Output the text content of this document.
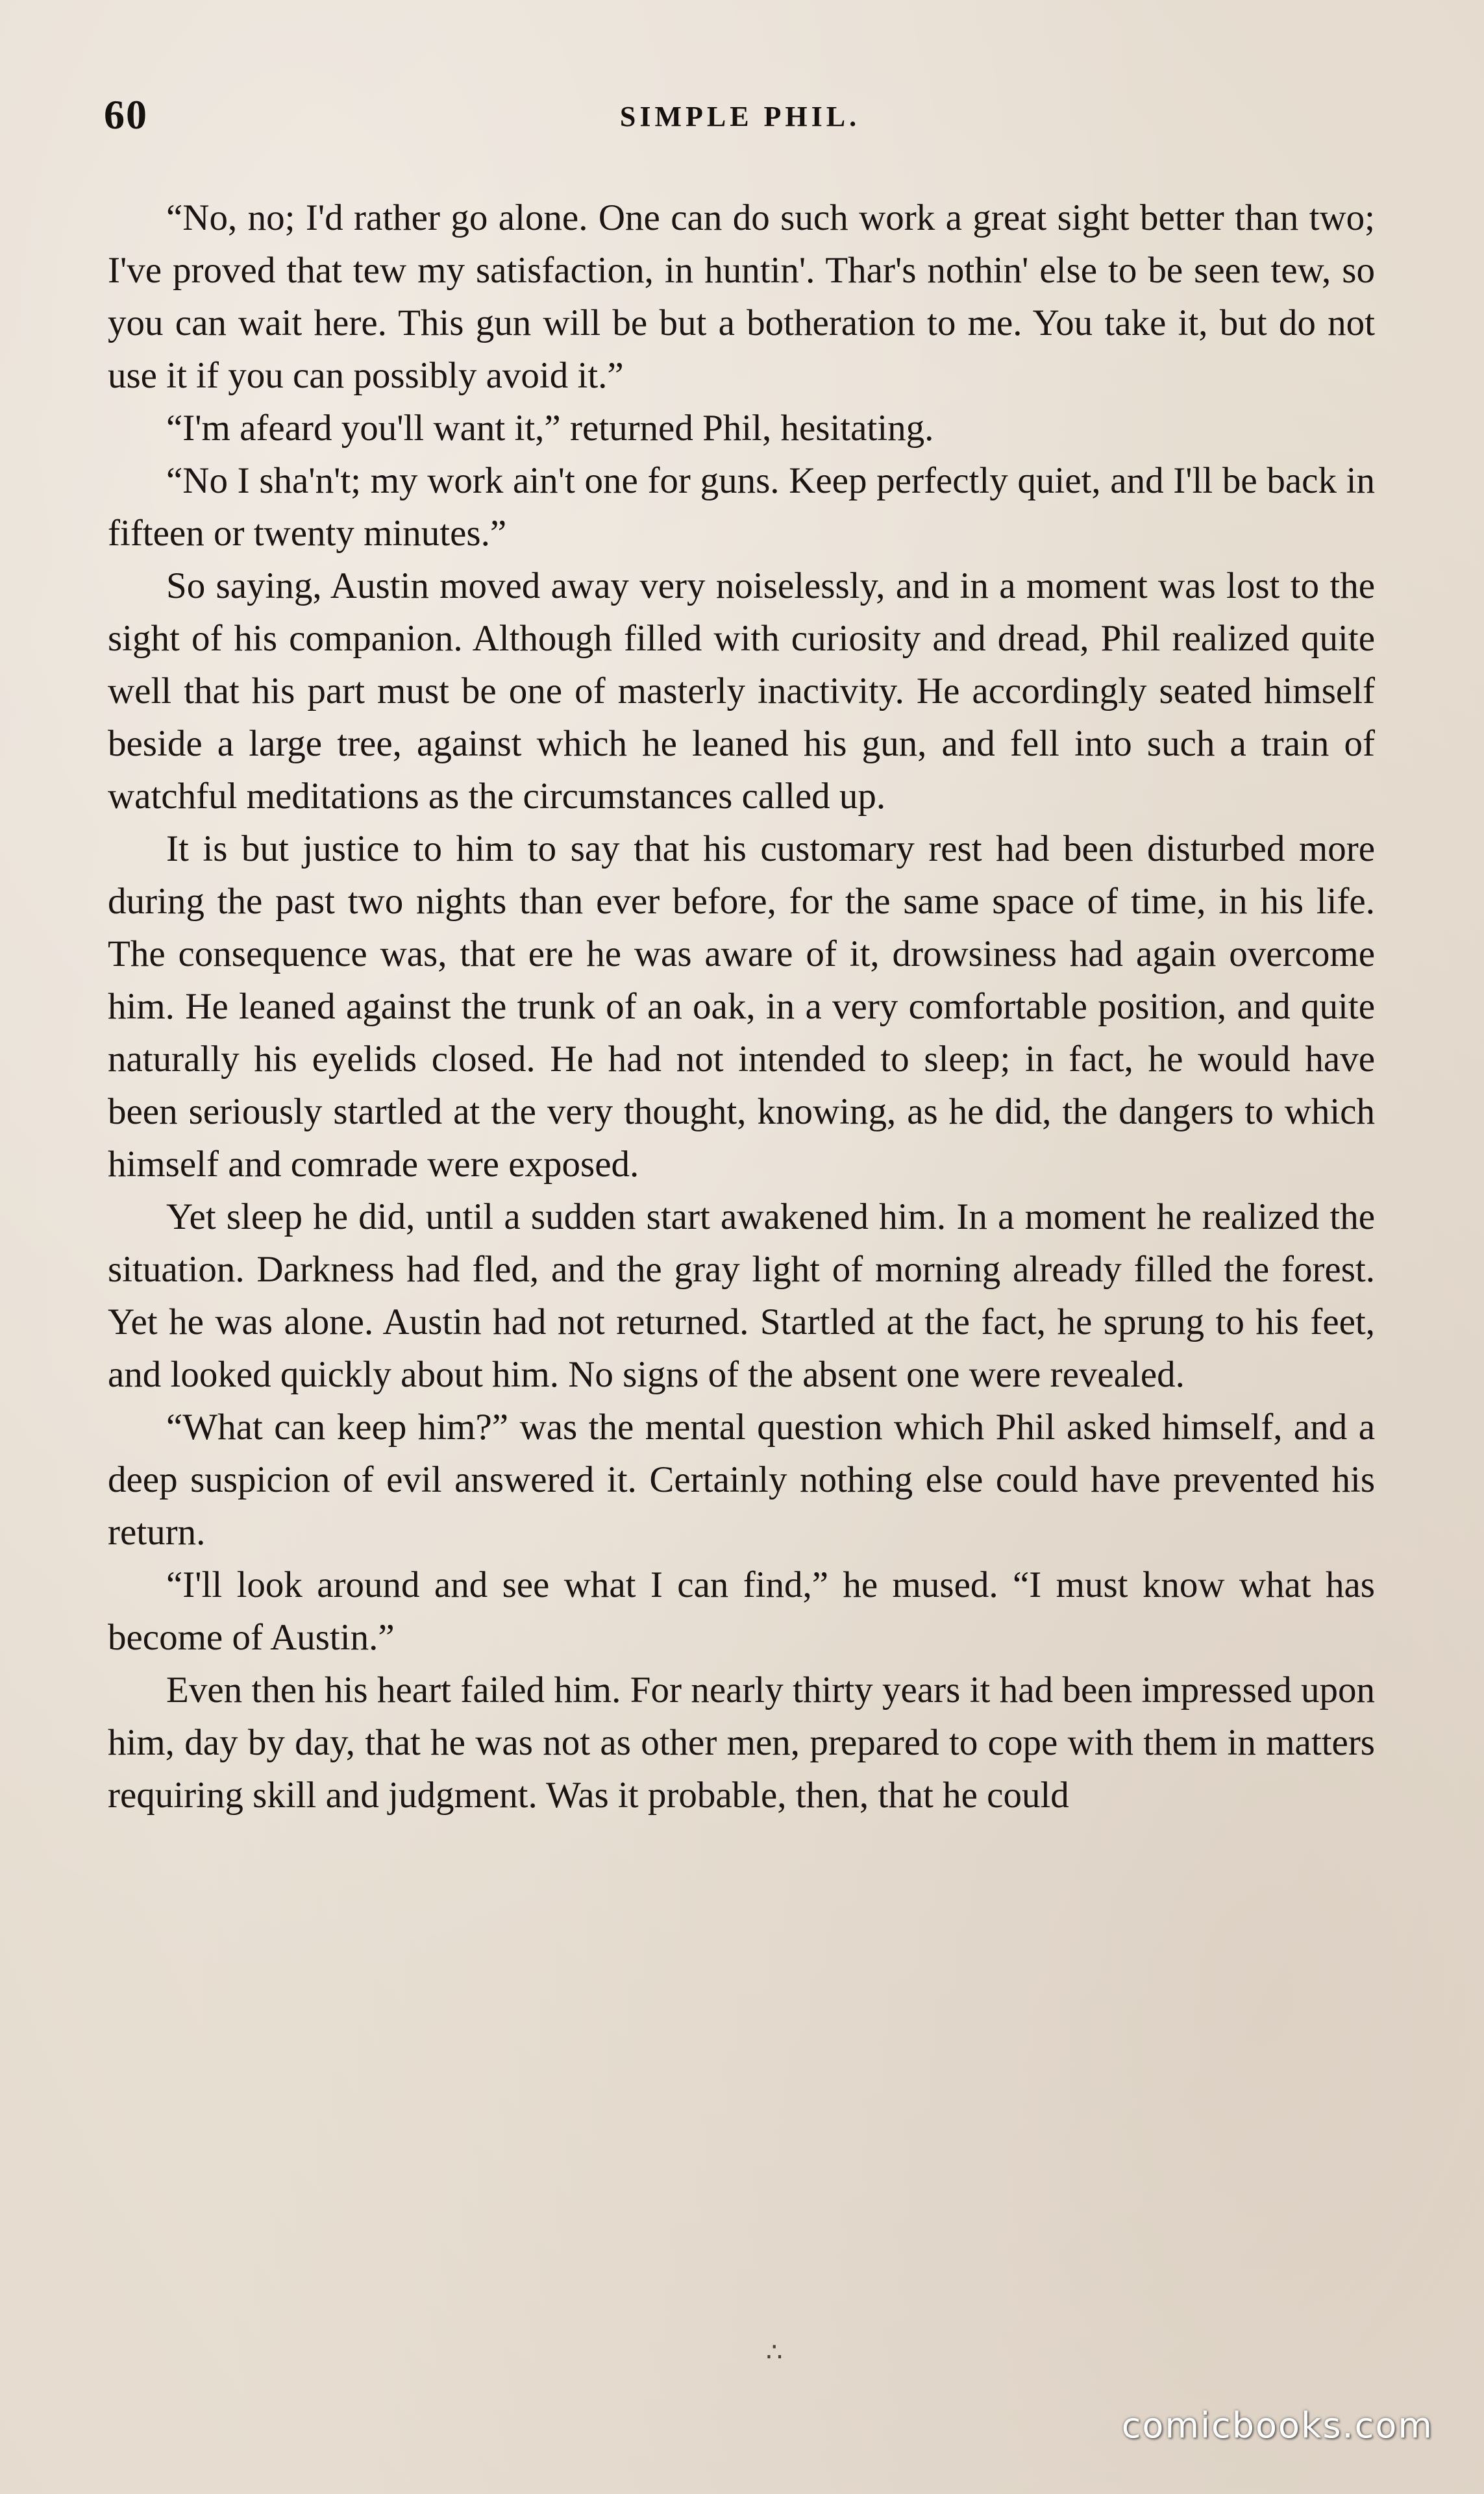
60	SIMPLE PHIL.

“No, no; I'd rather go alone. One can do such work a great sight better than two; I've proved that tew my satisfaction, in huntin'. Thar's nothin' else to be seen tew, so you can wait here. This gun will be but a botheration to me. You take it, but do not use it if you can possibly avoid it.”

“I'm afeard you'll want it,” returned Phil, hesitating.

“No I sha'n't; my work ain't one for guns. Keep perfectly quiet, and I'll be back in fifteen or twenty minutes.”

So saying, Austin moved away very noiselessly, and in a moment was lost to the sight of his companion. Although filled with curiosity and dread, Phil realized quite well that his part must be one of masterly inactivity. He accordingly seated himself beside a large tree, against which he leaned his gun, and fell into such a train of watchful meditations as the circumstances called up.

It is but justice to him to say that his customary rest had been disturbed more during the past two nights than ever before, for the same space of time, in his life. The consequence was, that ere he was aware of it, drowsiness had again overcome him. He leaned against the trunk of an oak, in a very comfortable position, and quite naturally his eyelids closed. He had not intended to sleep; in fact, he would have been seriously startled at the very thought, knowing, as he did, the dangers to which himself and comrade were exposed.

Yet sleep he did, until a sudden start awakened him. In a moment he realized the situation. Darkness had fled, and the gray light of morning already filled the forest. Yet he was alone. Austin had not returned. Startled at the fact, he sprung to his feet, and looked quickly about him. No signs of the absent one were revealed.

“What can keep him?” was the mental question which Phil asked himself, and a deep suspicion of evil answered it. Certainly nothing else could have prevented his return.

“I'll look around and see what I can find,” he mused. “I must know what has become of Austin.”

Even then his heart failed him. For nearly thirty years it had been impressed upon him, day by day, that he was not as other men, prepared to cope with them in matters requiring skill and judgment. Was it probable, then, that he could

∴
comicbooks.com
